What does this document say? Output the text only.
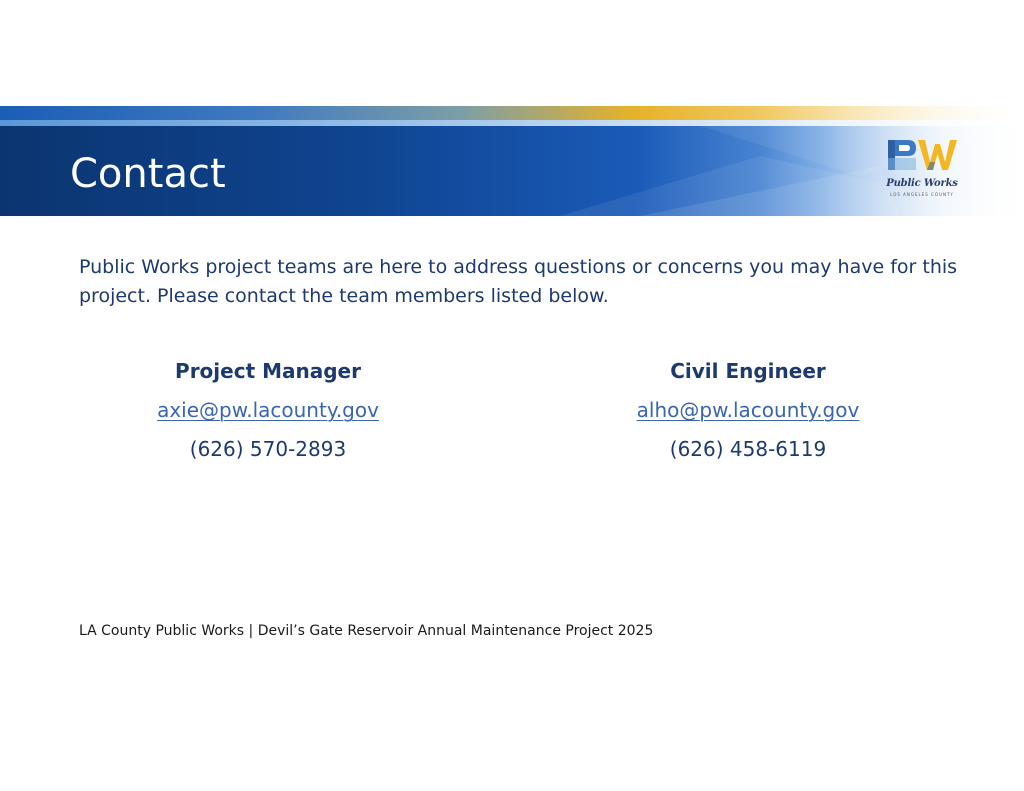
Contact	Public Works
LOS ANGELES COUNTY

Public Works project teams are here to address questions or concerns you may have for this project. Please contact the team members listed below.

Project Manager
axie@pw.lacounty.gov
(626) 570-2893
Civil Engineer
alho@pw.lacounty.gov
(626) 458-6119

LA County Public Works | Devil’s Gate Reservoir Annual Maintenance Project 2025
